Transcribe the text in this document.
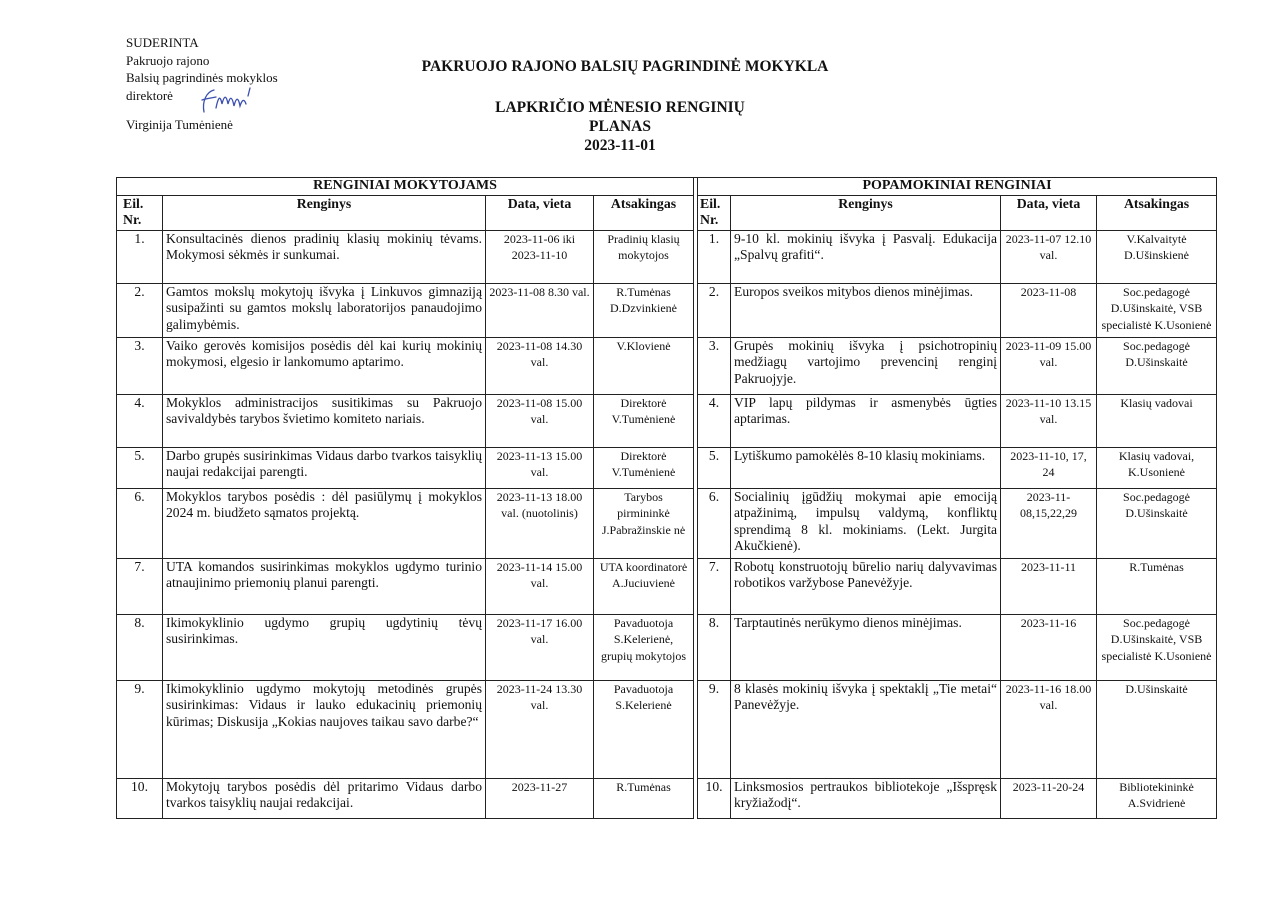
SUDERINTA
Pakruojo rajono
Balsių pagrindinės mokyklos
direktorė
Virginija Tumėnienė
PAKRUOJO RAJONO BALSIŲ PAGRINDINĖ MOKYKLA
LAPKRIČIO MĖNESIO RENGINIŲ
PLANAS
2023-11-01
RENGINIAI MOKYTOJAMS					POPAMOKINIAI RENGINIAI			
Eil. Nr.	Renginys	Data, vieta	Atsakingas		Eil. Nr.	Renginys	Data, vieta	Atsakingas
1.	Konsultacinės dienos pradinių klasių mokinių tėvams. Mokymosi sėkmės ir sunkumai.	2023-11-06 iki 2023-11-10	Pradinių klasių mokytojos		1.	9-10 kl. mokinių išvyka į Pasvalį. Edukacija „Spalvų grafiti“.	2023-11-07 12.10 val.	V.Kalvaitytė D.Ušinskienė
2.	Gamtos mokslų mokytojų išvyka į Linkuvos gimnaziją susipažinti su gamtos mokslų laboratorijos panaudojimo galimybėmis.	2023-11-08 8.30 val.	R.Tumėnas D.Dzvinkienė		2.	Europos sveikos mitybos dienos minėjimas.	2023-11-08	Soc.pedagogė D.Ušinskaitė, VSB specialistė K.Usonienė
3.	Vaiko gerovės komisijos posėdis dėl kai kurių mokinių mokymosi, elgesio ir lankomumo aptarimo.	2023-11-08 14.30 val.	V.Klovienė		3.	Grupės mokinių išvyka į psichotropinių medžiagų vartojimo prevencinį renginį Pakruojyje.	2023-11-09 15.00 val.	Soc.pedagogė D.Ušinskaitė
4.	Mokyklos administracijos susitikimas su Pakruojo savivaldybės tarybos švietimo komiteto nariais.	2023-11-08 15.00 val.	Direktorė V.Tumėnienė		4.	VIP lapų pildymas ir asmenybės ūgties aptarimas.	2023-11-10 13.15 val.	Klasių vadovai
5.	Darbo grupės susirinkimas Vidaus darbo tvarkos taisyklių naujai redakcijai parengti.	2023-11-13 15.00 val.	Direktorė V.Tumėnienė		5.	Lytiškumo pamokėlės 8-10 klasių mokiniams.	2023-11-10, 17, 24	Klasių vadovai, K.Usonienė
6.	Mokyklos tarybos posėdis : dėl pasiūlymų į mokyklos 2024 m. biudžeto sąmatos projektą.	2023-11-13 18.00 val. (nuotolinis)	Tarybos pirmininkė J.Pabražinskie nė		6.	Socialinių įgūdžių mokymai apie emociją atpažinimą, impulsų valdymą, konfliktų sprendimą 8 kl. mokiniams. (Lekt. Jurgita Akučkienė).	2023-11-08,15,22,29	Soc.pedagogė D.Ušinskaitė
7.	UTA komandos susirinkimas mokyklos ugdymo turinio atnaujinimo priemonių planui parengti.	2023-11-14 15.00 val.	UTA koordinatorė A.Juciuvienė		7.	Robotų konstruotojų būrelio narių dalyvavimas robotikos varžybose Panevėžyje.	2023-11-11	R.Tumėnas
8.	Ikimokyklinio ugdymo grupių ugdytinių tėvų susirinkimas.	2023-11-17 16.00 val.	Pavaduotoja S.Kelerienė, grupių mokytojos		8.	Tarptautinės nerūkymo dienos minėjimas.	2023-11-16	Soc.pedagogė D.Ušinskaitė, VSB specialistė K.Usonienė
9.	Ikimokyklinio ugdymo mokytojų metodinės grupės susirinkimas: Vidaus ir lauko edukacinių priemonių kūrimas; Diskusija „Kokias naujoves taikau savo darbe?“	2023-11-24 13.30 val.	Pavaduotoja S.Kelerienė		9.	8 klasės mokinių išvyka į spektaklį „Tie metai“ Panevėžyje.	2023-11-16 18.00 val.	D.Ušinskaitė
10.	Mokytojų tarybos posėdis dėl pritarimo Vidaus darbo tvarkos taisyklių naujai redakcijai.	2023-11-27	R.Tumėnas		10.	Linksmosios pertraukos bibliotekoje „Išspręsk kryžiažodį“.	2023-11-20-24	Bibliotekininkė A.Svidrienė
